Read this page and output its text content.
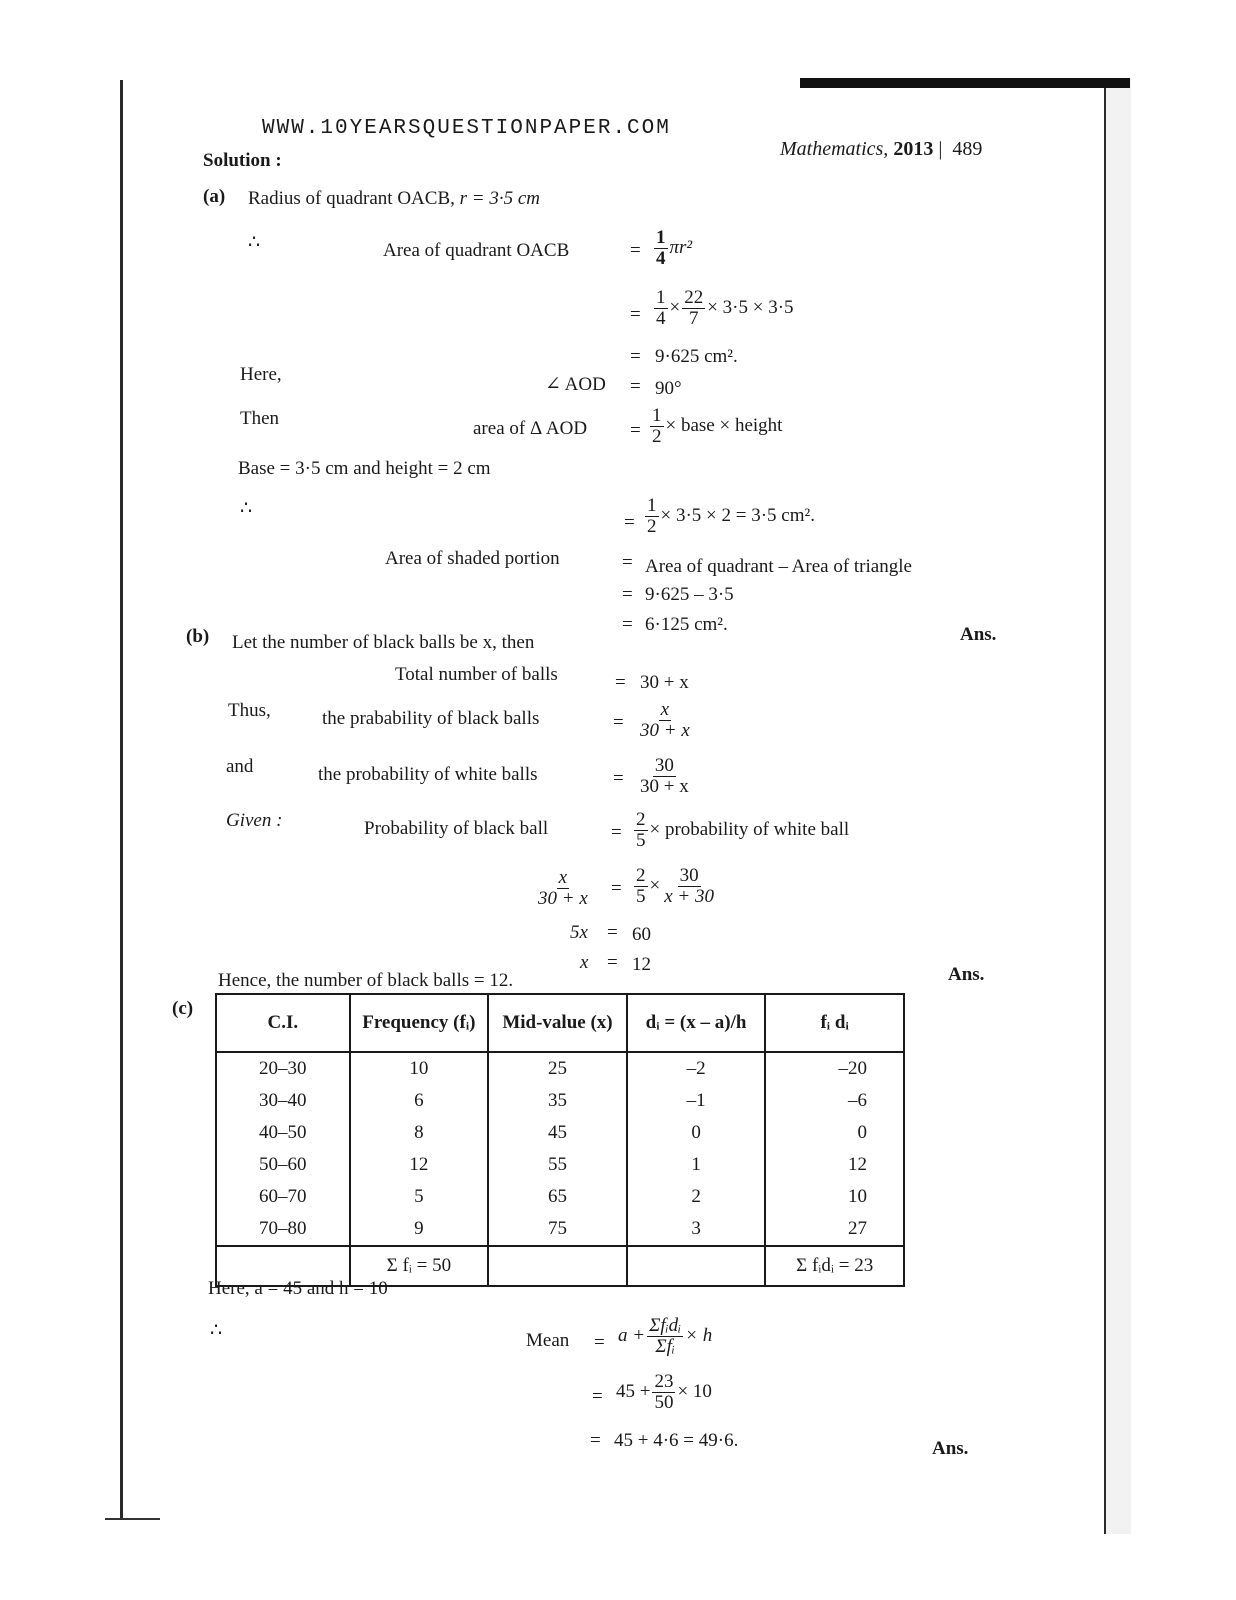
WWW.10YEARSQUESTIONPAPER.COM
Mathematics, 2013 | 489
Solution :
(a) Radius of quadrant OACB, r = 3·5 cm
∴	Area of quadrant OACB	= $\frac{1}{4} \pi r^2$
= $\frac{1}{4} \times \frac{22}{7} \times 3\cdot 5 \times 3\cdot 5$
= 9·625 cm².
Here,	∠ AOD = 90°
Then	area of Δ AOD = $\frac{1}{2}$ × base × height
Base = 3·5 cm and height = 2 cm
∴
= $\frac{1}{2} \times 3\cdot 5 \times 2 = 3\cdot 5$ cm².
Area of shaded portion	= Area of quadrant – Area of triangle
= 9·625 – 3·5
= 6·125 cm².	Ans.
(b) Let the number of black balls be x, then
Total number of balls	= 30 + x
Thus,	the prabability of black balls	= $\frac{x}{30 + x}$
and	the probability of white balls	= $\frac{30}{30 + x}$
Given :	Probability of black ball	= $\frac{2}{5}$ × probability of white ball
$\frac{x}{30 + x} = \frac{2}{5} \times \frac{30}{x + 30}$
5x = 60
x = 12
Hence, the number of black balls = 12.	Ans.
(c)
C.I.	Frequency (fᵢ)	Mid-value (x)	dᵢ = (x – a)/h	fᵢ dᵢ
20–30	10	25	–2	–20
30–40	6	35	–1	–6
40–50	8	45	0	0
50–60	12	55	1	12
60–70	5	65	2	10
70–80	9	75	3	27
	Σ fᵢ = 50			Σ fᵢdᵢ = 23
Here, a = 45 and h = 10
∴	Mean = $a + \frac{\text{Σfᵢdᵢ}}{\text{Σfᵢ}} \times h$
= $45 + \frac{23}{50} \times 10$
= 45 + 4·6 = 49·6.	Ans.
